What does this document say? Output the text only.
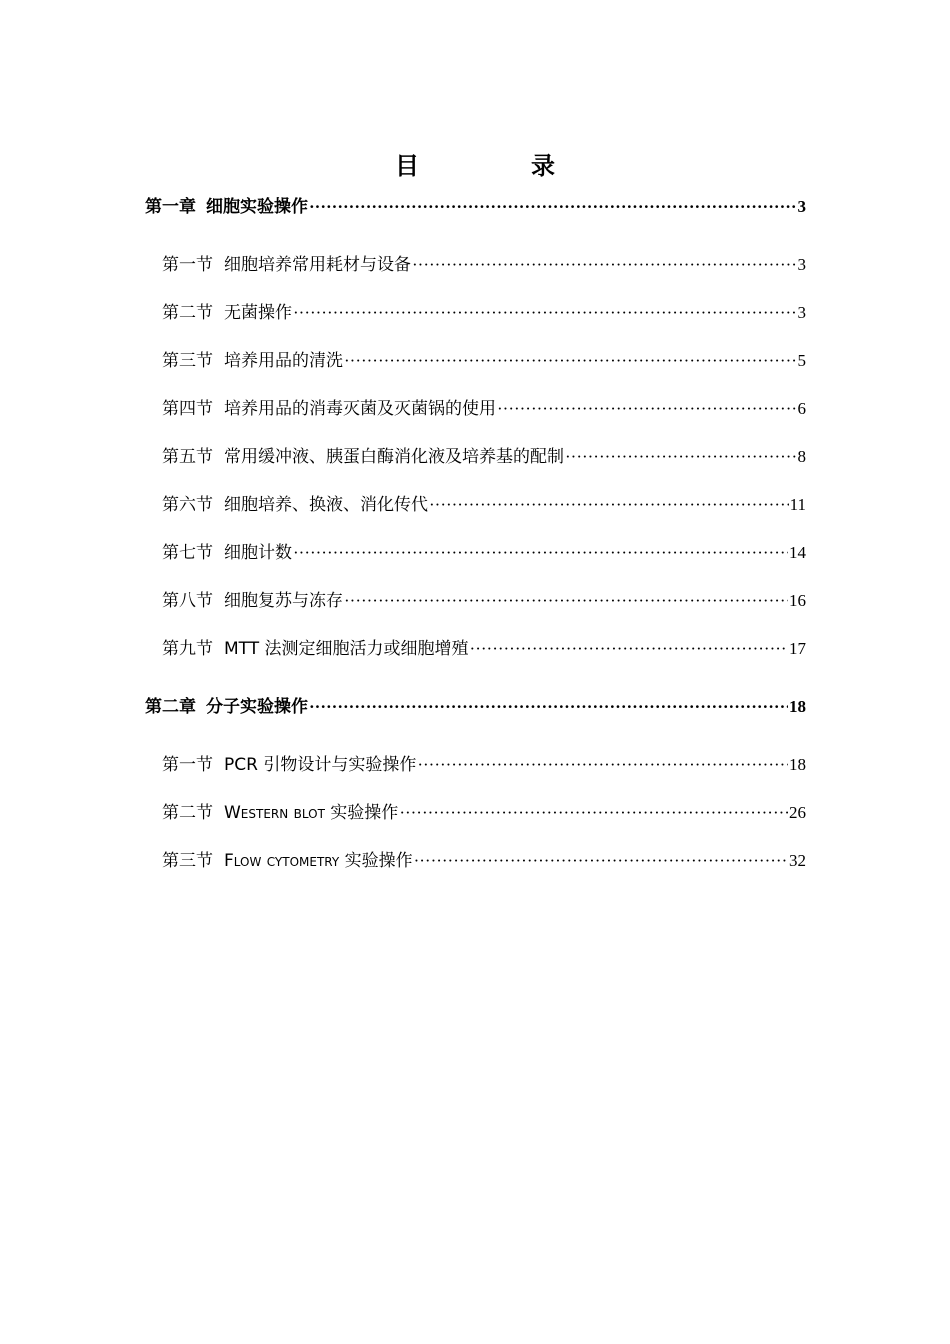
目　录
第一章 细胞实验操作 ·····	3
第一节 细胞培养常用耗材与设备 ·····	3
第二节 无菌操作 ·····	3
第三节 培养用品的清洗 ·····	5
第四节 培养用品的消毒灭菌及灭菌锅的使用 ·····	6
第五节 常用缓冲液、胰蛋白酶消化液及培养基的配制 ·····	8
第六节 细胞培养、换液、消化传代 ·····	11
第七节 细胞计数 ·····	14
第八节 细胞复苏与冻存 ·····	16
第九节 MTT 法测定细胞活力或细胞增殖 ·····	17
第二章 分子实验操作 ·····	18
第一节 PCR 引物设计与实验操作 ·····	18
第二节 Western blot 实验操作 ·····	26
第三节 Flow cytometry 实验操作 ·····	32
